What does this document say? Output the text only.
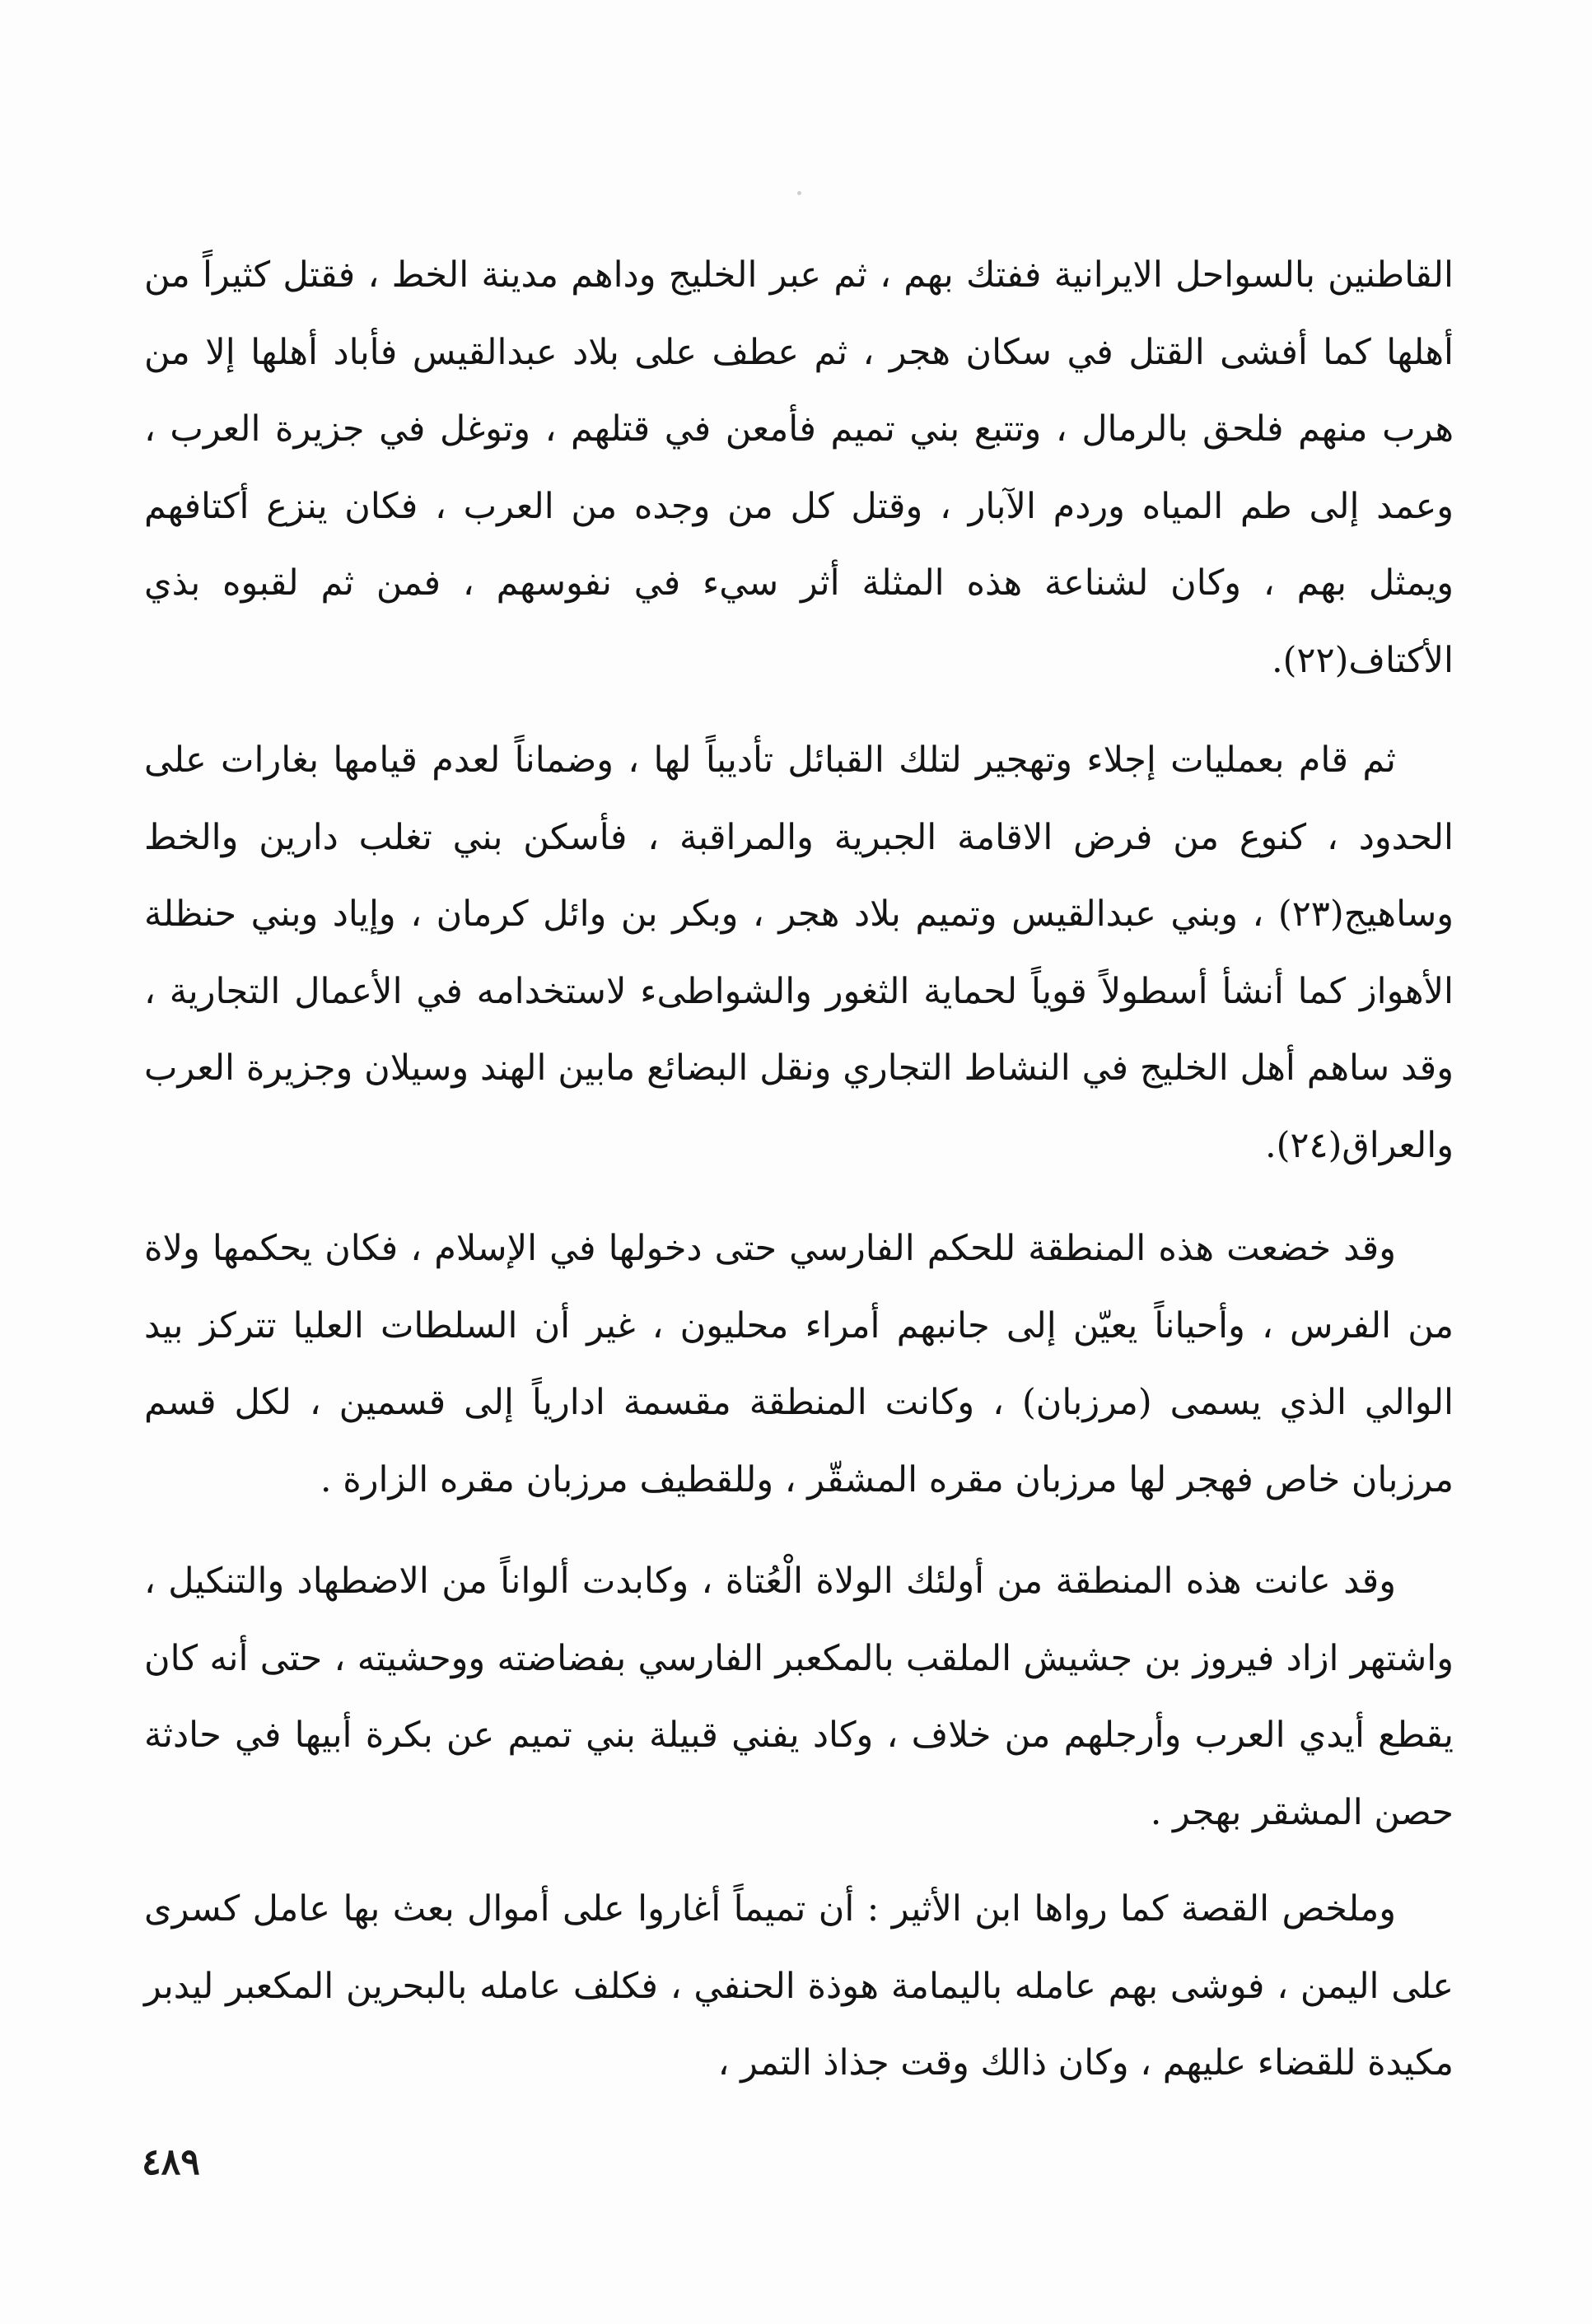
القاطنين بالسواحل الايرانية ففتك بهم ، ثم عبر الخليج وداهم مدينة الخط ، فقتل كثيراً من أهلها كما أفشى القتل في سكان هجر ، ثم عطف على بلاد عبدالقيس فأباد أهلها إلا من هرب منهم فلحق بالرمال ، وتتبع بني تميم فأمعن في قتلهم ، وتوغل في جزيرة العرب ، وعمد إلى طم المياه وردم الآبار ، وقتل كل من وجده من العرب ، فكان ينزع أكتافهم ويمثل بهم ، وكان لشناعة هذه المثلة أثر سيء في نفوسهم ، فمن ثم لقبوه بذي الأكتاف(٢٢).

ثم قام بعمليات إجلاء وتهجير لتلك القبائل تأديباً لها ، وضماناً لعدم قيامها بغارات على الحدود ، كنوع من فرض الاقامة الجبرية والمراقبة ، فأسكن بني تغلب دارين والخط وساهيج(٢٣) ، وبني عبدالقيس وتميم بلاد هجر ، وبكر بن وائل كرمان ، وإياد وبني حنظلة الأهواز كما أنشأ أسطولاً قوياً لحماية الثغور والشواطىء لاستخدامه في الأعمال التجارية ، وقد ساهم أهل الخليج في النشاط التجاري ونقل البضائع مابين الهند وسيلان وجزيرة العرب والعراق(٢٤).

وقد خضعت هذه المنطقة للحكم الفارسي حتى دخولها في الإسلام ، فكان يحكمها ولاة من الفرس ، وأحياناً يعيّن إلى جانبهم أمراء محليون ، غير أن السلطات العليا تتركز بيد الوالي الذي يسمى (مرزبان) ، وكانت المنطقة مقسمة ادارياً إلى قسمين ، لكل قسم مرزبان خاص فهجر لها مرزبان مقره المشقّر ، وللقطيف مرزبان مقره الزارة .

وقد عانت هذه المنطقة من أولئك الولاة الْعُتاة ، وكابدت ألواناً من الاضطهاد والتنكيل ، واشتهر ازاد فيروز بن جشيش الملقب بالمكعبر الفارسي بفضاضته ووحشيته ، حتى أنه كان يقطع أيدي العرب وأرجلهم من خلاف ، وكاد يفني قبيلة بني تميم عن بكرة أبيها في حادثة حصن المشقر بهجر .

وملخص القصة كما رواها ابن الأثير : أن تميماً أغاروا على أموال بعث بها عامل كسرى على اليمن ، فوشى بهم عامله باليمامة هوذة الحنفي ، فكلف عامله بالبحرين المكعبر ليدبر مكيدة للقضاء عليهم ، وكان ذالك وقت جذاذ التمر ،

٤٨٩
